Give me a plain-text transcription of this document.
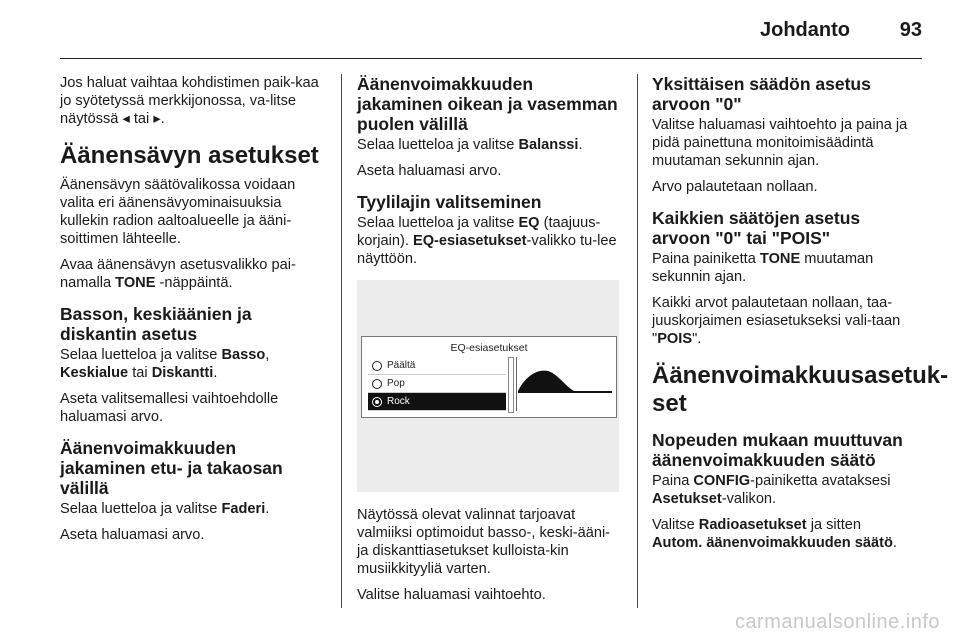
Johdanto 93

Jos haluat vaihtaa kohdistimen paik-kaa jo syötetyssä merkkijonossa, va-litse näytössä ◂ tai ▸.

Äänensävyn asetukset

Äänensävyn säätövalikossa voidaan valita eri äänensävyominaisuuksia kullekin radion aaltoalueelle ja ääni-soittimen lähteelle.

Avaa äänensävyn asetusvalikko pai-namalla TONE -näppäintä.

Basson, keskiäänien ja diskantin asetus

Selaa luetteloa ja valitse Basso,
Keskialue tai Diskantti.

Aseta valitsemallesi vaihtoehdolle haluamasi arvo.

Äänenvoimakkuuden jakaminen etu- ja takaosan välillä

Selaa luetteloa ja valitse Faderi.

Aseta haluamasi arvo.

Äänenvoimakkuuden jakaminen oikean ja vasemman puolen välillä

Selaa luetteloa ja valitse Balanssi.

Aseta haluamasi arvo.

Tyylilajin valitseminen

Selaa luetteloa ja valitse EQ (taajuus-korjain). EQ-esiasetukset-valikko tu-lee näyttöön.

EQ-esiasetukset
Päältä
Pop
Rock

Näytössä olevat valinnat tarjoavat valmiiksi optimoidut basso-, keski-ääni- ja diskanttiasetukset kulloista-kin musiikkityyliä varten.

Valitse haluamasi vaihtoehto.

Yksittäisen säädön asetus arvoon "0"

Valitse haluamasi vaihtoehto ja paina ja pidä painettuna monitoimisäädintä muutaman sekunnin ajan.

Arvo palautetaan nollaan.

Kaikkien säätöjen asetus arvoon "0" tai "POIS"

Paina painiketta TONE muutaman sekunnin ajan.

Kaikki arvot palautetaan nollaan, taa-juuskorjaimen esiasetukseksi vali-taan "POIS".

Äänenvoimakkuusasetuk-set
Nopeuden mukaan muuttuvan äänenvoimakkuuden säätö

Paina CONFIG-painiketta avataksesi
Asetukset-valikon.

Valitse Radioasetukset ja sitten
Autom. äänenvoimakkuuden säätö.

carmanualsonline.info
